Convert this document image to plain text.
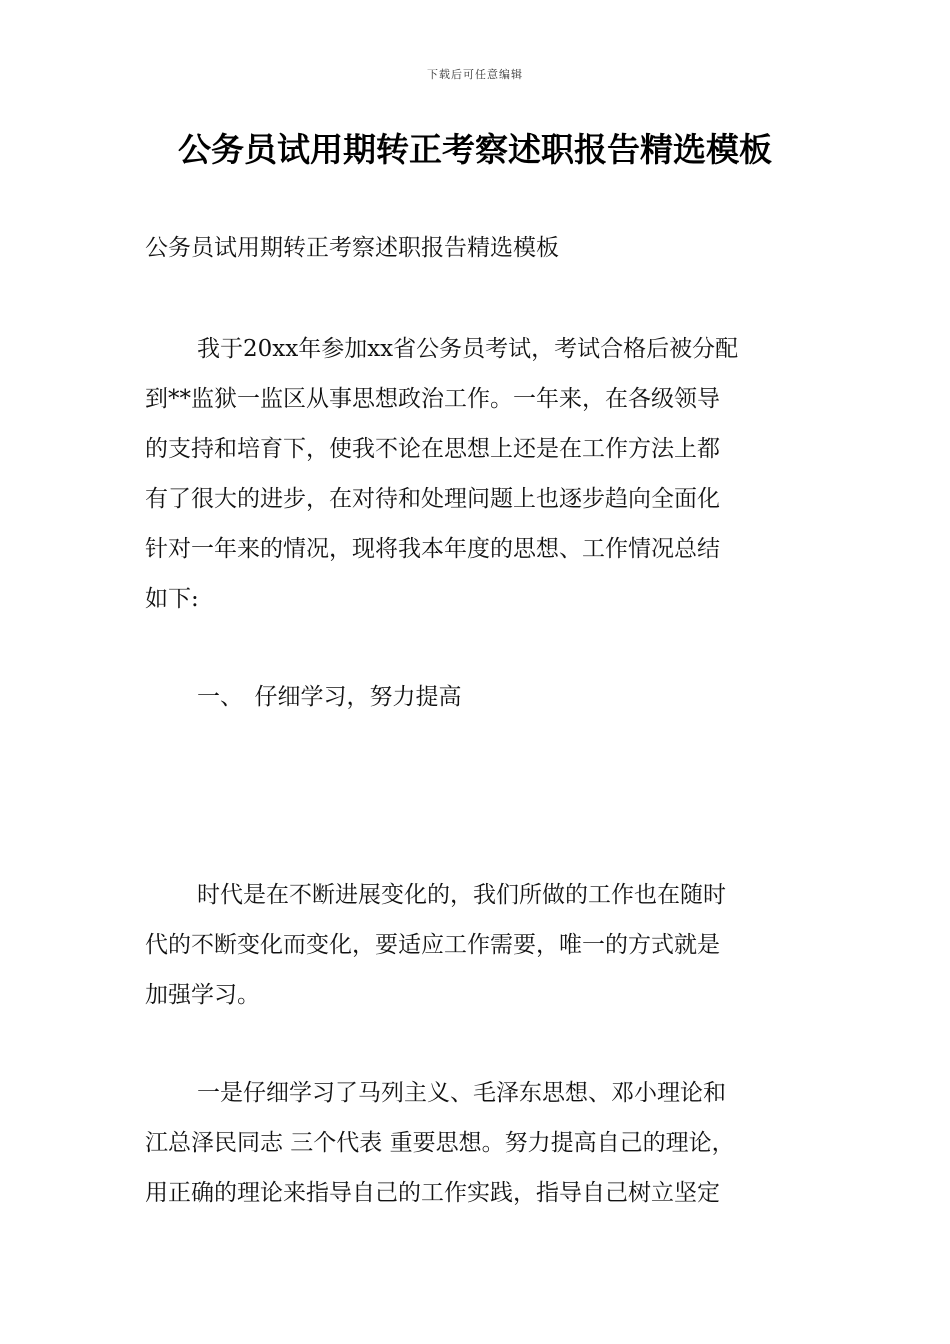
下载后可任意编辑
公务员试用期转正考察述职报告精选模板

公务员试用期转正考察述职报告精选模板

我于20xx年参加xx省公务员考试，考试合格后被分配
到**监狱一监区从事思想政治工作。一年来，在各级领导
的支持和培育下，使我不论在思想上还是在工作方法上都
有了很大的进步，在对待和处理问题上也逐步趋向全面化
针对一年来的情况，现将我本年度的思想、工作情况总结
如下:

一、　仔细学习，努力提高

时代是在不断进展变化的，我们所做的工作也在随时
代的不断变化而变化，要适应工作需要，唯一的方式就是
加强学习。
一是仔细学习了马列主义、毛泽东思想、邓小理论和
江总泽民同志 三个代表 重要思想。努力提高自己的理论，
用正确的理论来指导自己的工作实践，指导自己树立坚定
